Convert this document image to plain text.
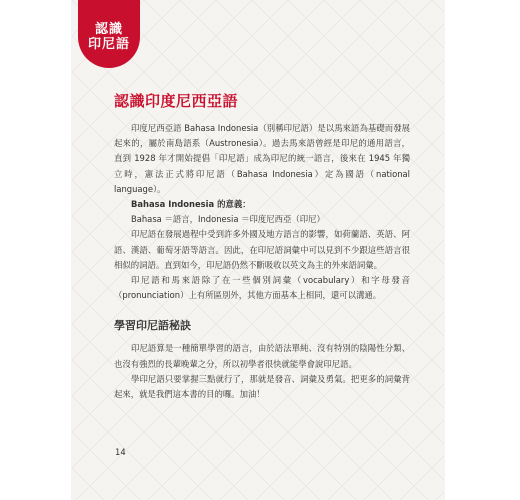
認識
印尼語
認識印度尼西亞語

印度尼西亞語 Bahasa Indonesia（別稱印尼語）是以馬來語為基礎而發展起來的，屬於南島語系（Austronesia）。過去馬來語曾經是印尼的通用語言，直到 1928 年才開始提倡「印尼語」成為印尼的統一語言，後來在 1945 年獨立時，憲法正式將印尼語（Bahasa Indonesia）定為國語（national language）。

Bahasa Indonesia 的意義：

Bahasa ＝語言，Indonesia ＝印度尼西亞（印尼）

印尼語在發展過程中受到許多外國及地方語言的影響，如荷蘭語、英語、阿語、漢語、葡萄牙語等語言。因此，在印尼語詞彙中可以見到不少跟這些語言很相似的詞語。直到如今，印尼語仍然不斷吸收以英文為主的外來語詞彙。

印尼語和馬來語除了在一些個別詞彙（vocabulary）和字母發音（pronunciation）上有所區別外，其他方面基本上相同，還可以溝通。

學習印尼語秘訣

印尼語算是一種簡單學習的語言，由於語法單純、沒有特別的陰陽性分類、也沒有強烈的長輩晚輩之分，所以初學者很快就能學會說印尼語。

學印尼語只要掌握三點就行了，那就是發音、詞彙及勇氣。把更多的詞彙背起來，就是我們這本書的目的囉。加油！

14
